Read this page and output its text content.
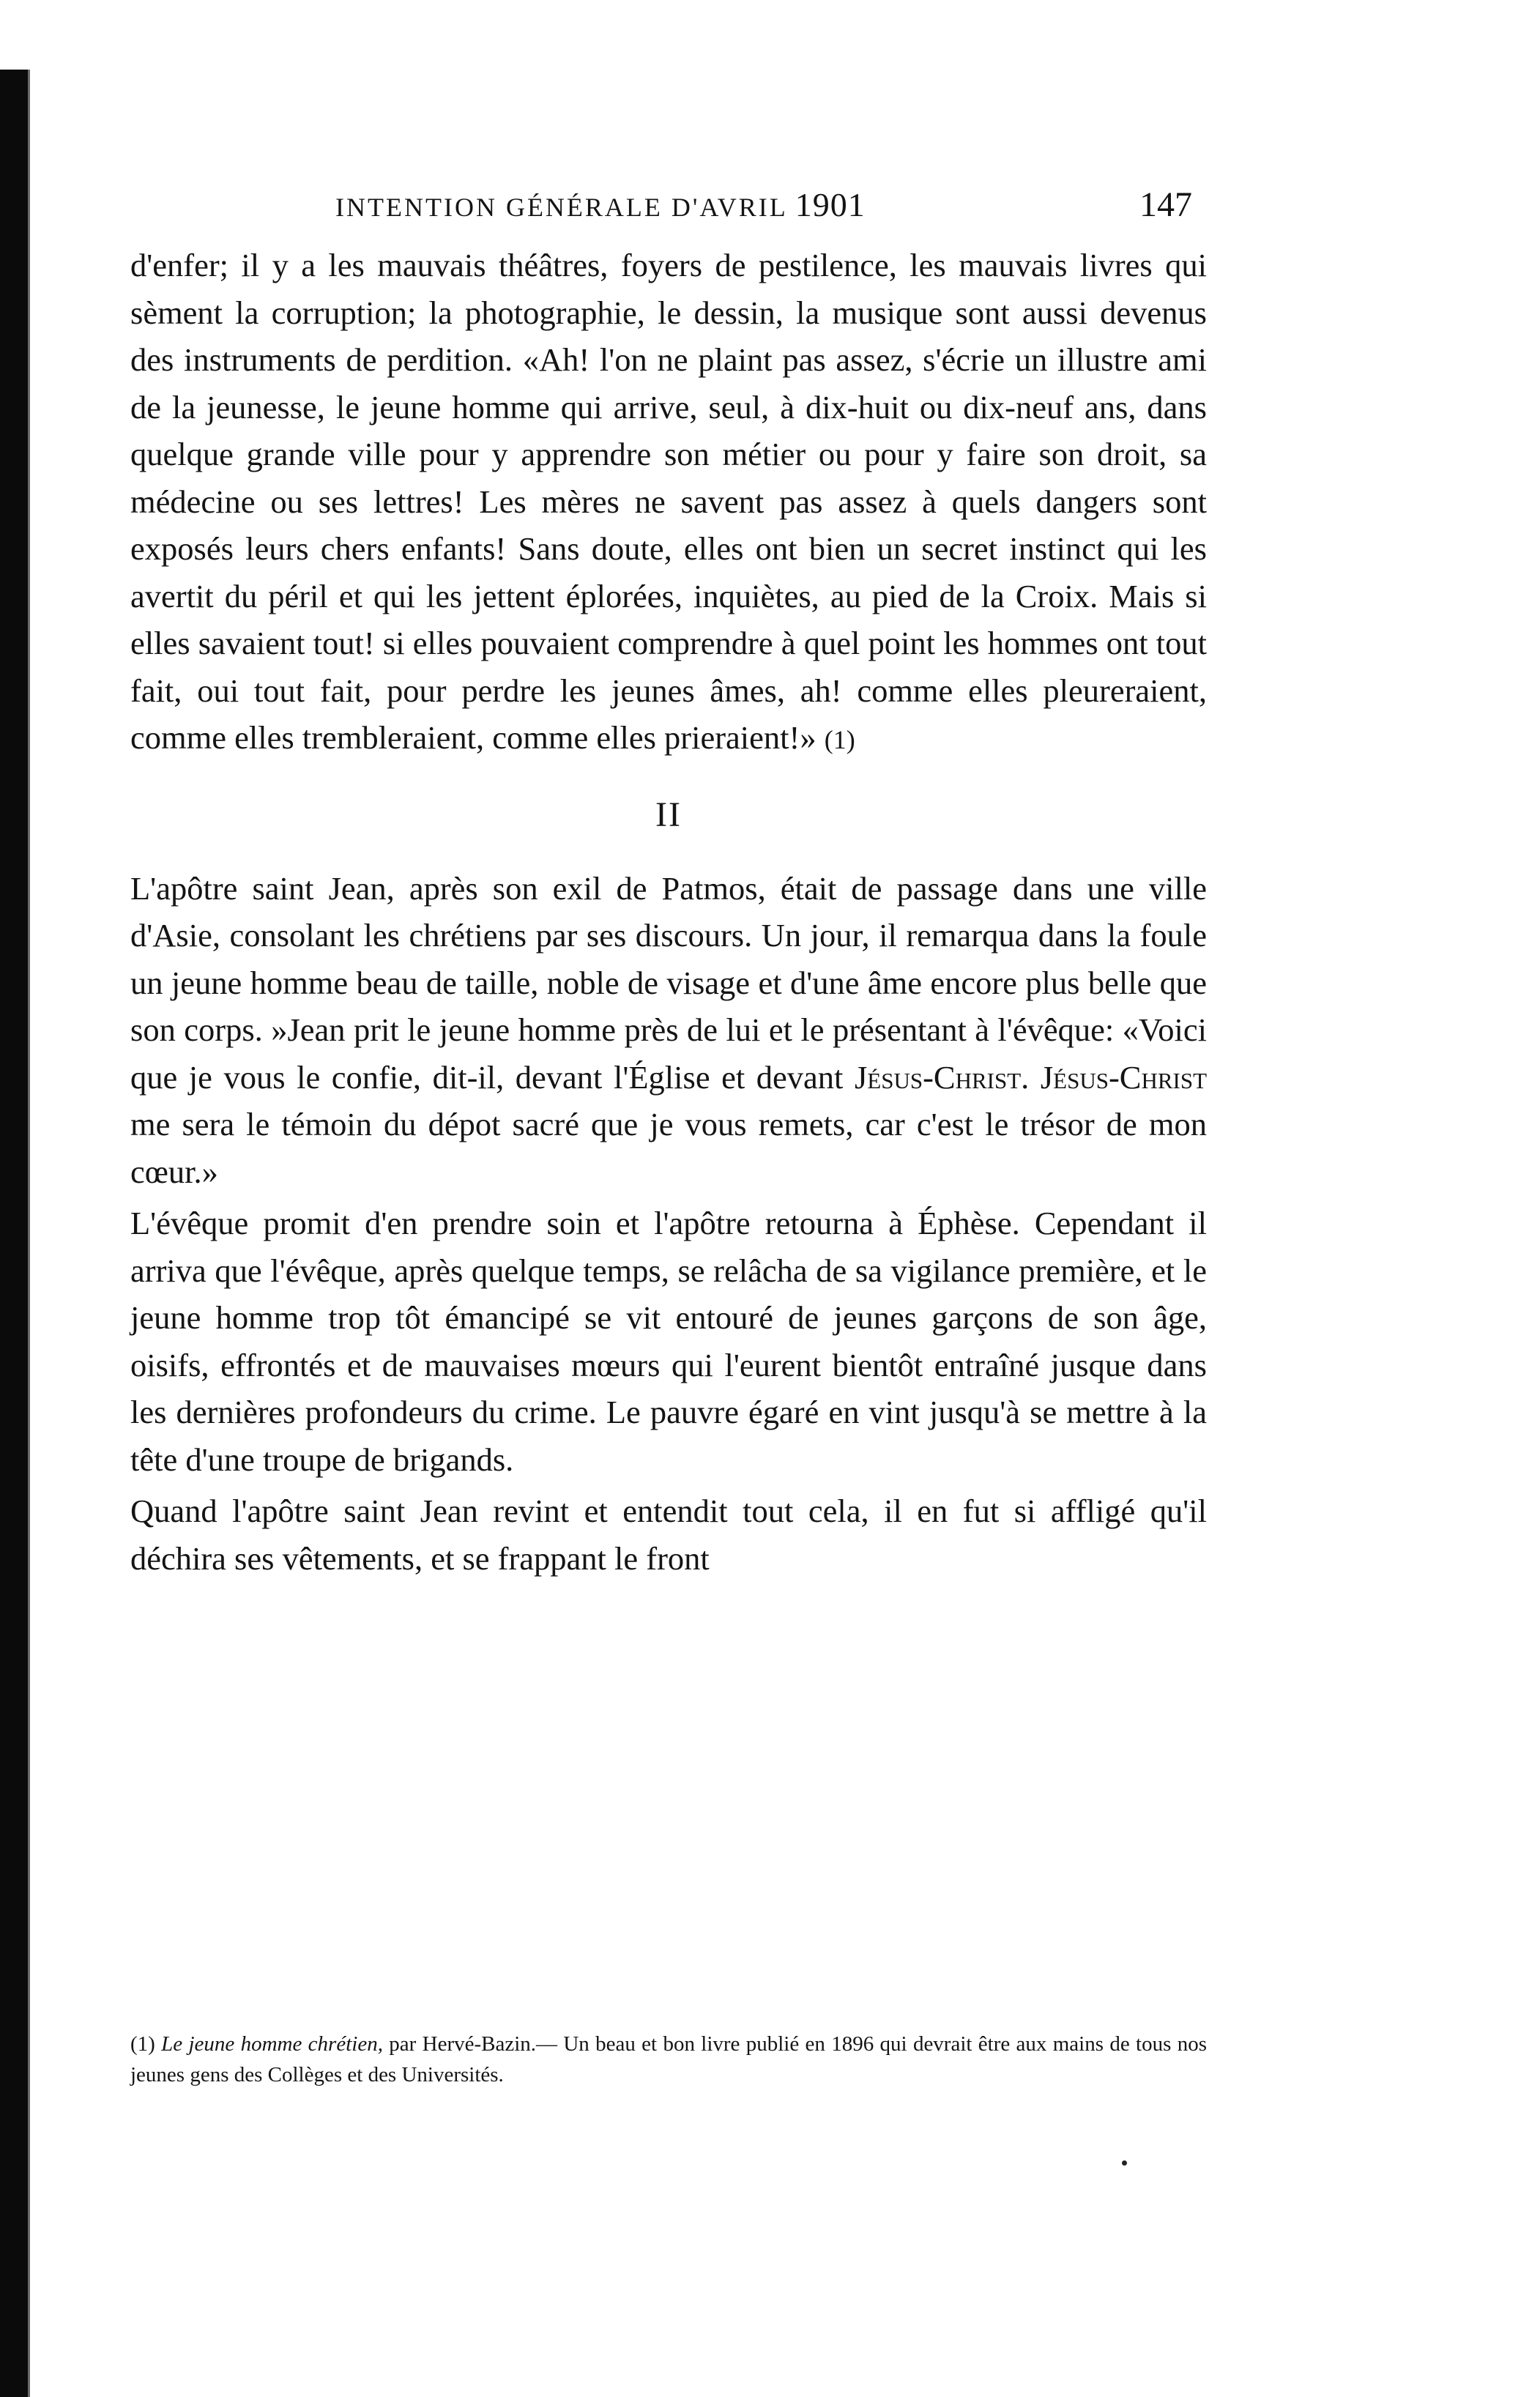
INTENTION GÉNÉRALE D'AVRIL 1901	147

d'enfer; il y a les mauvais théâtres, foyers de pestilence, les mauvais livres qui sèment la corruption; la photographie, le dessin, la musique sont aussi devenus des instruments de perdition. «Ah! l'on ne plaint pas assez, s'écrie un illustre ami de la jeunesse, le jeune homme qui arrive, seul, à dix-huit ou dix-neuf ans, dans quelque grande ville pour y apprendre son métier ou pour y faire son droit, sa médecine ou ses lettres! Les mères ne savent pas assez à quels dangers sont exposés leurs chers enfants! Sans doute, elles ont bien un secret instinct qui les avertit du péril et qui les jettent éplorées, inquiètes, au pied de la Croix. Mais si elles savaient tout! si elles pouvaient comprendre à quel point les hommes ont tout fait, oui tout fait, pour perdre les jeunes âmes, ah! comme elles pleureraient, comme elles trembleraient, comme elles prieraient!» (1)

II

L'apôtre saint Jean, après son exil de Patmos, était de passage dans une ville d'Asie, consolant les chrétiens par ses discours. Un jour, il remarqua dans la foule un jeune homme beau de taille, noble de visage et d'une âme encore plus belle que son corps. »Jean prit le jeune homme près de lui et le présentant à l'évêque: «Voici que je vous le confie, dit-il, devant l'Église et devant Jésus-Christ. Jésus-Christ me sera le témoin du dépot sacré que je vous remets, car c'est le trésor de mon cœur.»

L'évêque promit d'en prendre soin et l'apôtre retourna à Éphèse. Cependant il arriva que l'évêque, après quelque temps, se relâcha de sa vigilance première, et le jeune homme trop tôt émancipé se vit entouré de jeunes garçons de son âge, oisifs, effrontés et de mauvaises mœurs qui l'eurent bientôt entraîné jusque dans les dernières profondeurs du crime. Le pauvre égaré en vint jusqu'à se mettre à la tête d'une troupe de brigands.

Quand l'apôtre saint Jean revint et entendit tout cela, il en fut si affligé qu'il déchira ses vêtements, et se frappant le front

(1) Le jeune homme chrétien, par Hervé-Bazin.— Un beau et bon livre publié en 1896 qui devrait être aux mains de tous nos jeunes gens des Collèges et des Universités.
